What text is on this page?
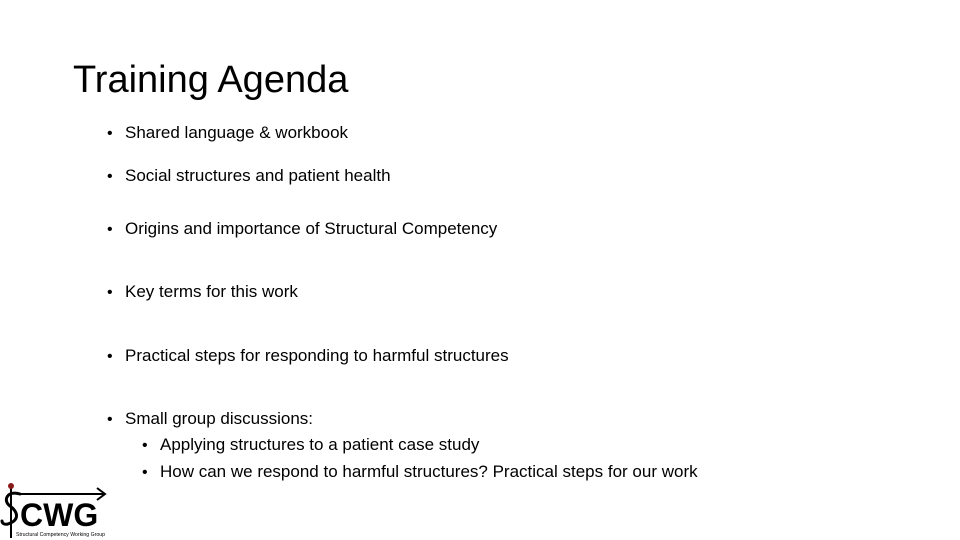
Training Agenda
• Shared language & workbook
• Social structures and patient health
• Origins and importance of Structural Competency
• Key terms for this work
• Practical steps for responding to harmful structures
• Small group discussions:
• Applying structures to a patient case study
• How can we respond to harmful structures? Practical steps for our work
CWG
Structural Competency Working Group
